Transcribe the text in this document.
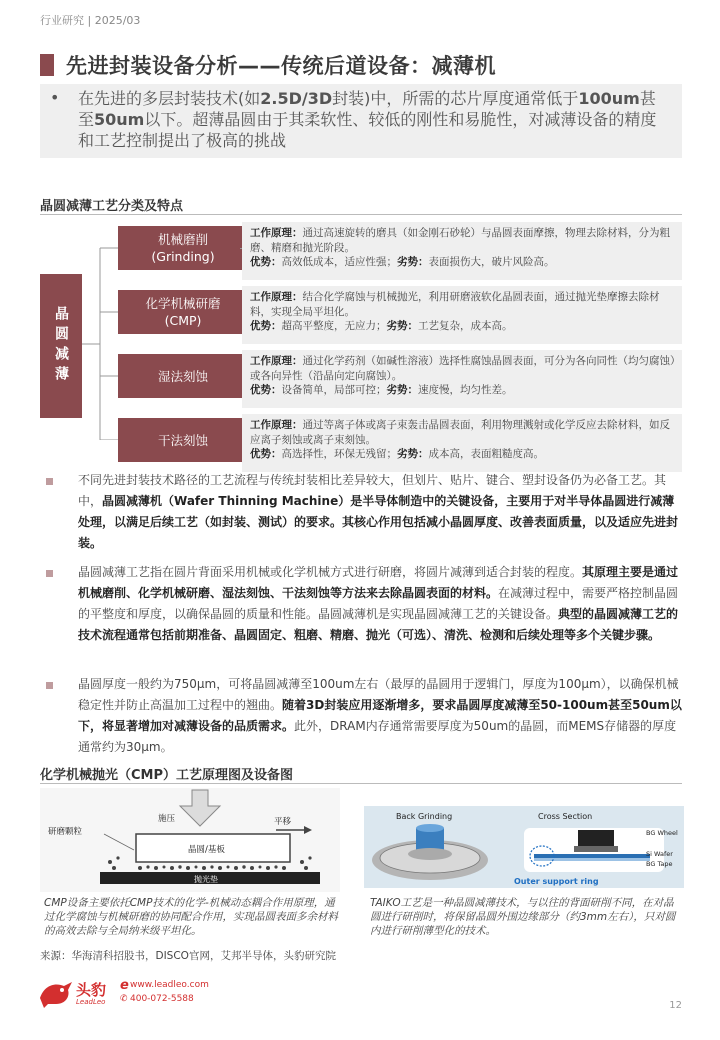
行业研究 | 2025/03
先进封装设备分析——传统后道设备：减薄机
• 在先进的多层封装技术(如2.5D/3D封装)中，所需的芯片厚度通常低于100um甚至50um以下。超薄晶圆由于其柔软性、较低的刚性和易脆性，对减薄设备的精度和工艺控制提出了极高的挑战
晶圆减薄工艺分类及特点
晶圆减薄
机械磨削
(Grinding)
工作原理：通过高速旋转的磨具（如金刚石砂轮）与晶圆表面摩擦，物理去除材料，分为粗磨、精磨和抛光阶段。
优势：高效低成本，适应性强；劣势：表面损伤大，破片风险高。
化学机械研磨
(CMP)
工作原理：结合化学腐蚀与机械抛光，利用研磨液软化晶圆表面，通过抛光垫摩擦去除材料，实现全局平坦化。
优势：超高平整度，无应力；劣势：工艺复杂，成本高。
湿法刻蚀
工作原理：通过化学药剂（如碱性溶液）选择性腐蚀晶圆表面，可分为各向同性（均匀腐蚀）或各向异性（沿晶向定向腐蚀）。
优势：设备简单，局部可控；劣势：速度慢，均匀性差。
干法刻蚀
工作原理：通过等离子体或离子束轰击晶圆表面，利用物理溅射或化学反应去除材料，如反应离子刻蚀或离子束刻蚀。
优势：高选择性，环保无残留；劣势：成本高，表面粗糙度高。
不同先进封装技术路径的工艺流程与传统封装相比差异较大，但划片、贴片、键合、塑封设备仍为必备工艺。其中，晶圆减薄机（Wafer Thinning Machine）是半导体制造中的关键设备，主要用于对半导体晶圆进行减薄处理，以满足后续工艺（如封装、测试）的要求。其核心作用包括减小晶圆厚度、改善表面质量，以及适应先进封装。
晶圆减薄工艺指在圆片背面采用机械或化学机械方式进行研磨，将圆片减薄到适合封装的程度。其原理主要是通过机械磨削、化学机械研磨、湿法刻蚀、干法刻蚀等方法来去除晶圆表面的材料。在减薄过程中，需要严格控制晶圆的平整度和厚度，以确保晶圆的质量和性能。晶圆减薄机是实现晶圆减薄工艺的关键设备。典型的晶圆减薄工艺的技术流程通常包括前期准备、晶圆固定、粗磨、精磨、抛光（可选）、清洗、检测和后续处理等多个关键步骤。
晶圆厚度一般约为750μm，可将晶圆减薄至100um左右（最厚的晶圆用于逻辑门，厚度为100μm），以确保机械稳定性并防止高温加工过程中的翘曲。随着3D封装应用逐渐增多，要求晶圆厚度减薄至50-100um甚至50um以下，将显著增加对减薄设备的品质需求。此外，DRAM内存通常需要厚度为50um的晶圆，而MEMS存储器的厚度通常约为30μm。
化学机械抛光（CMP）工艺原理图及设备图
施压
研磨颗粒
平移
晶圆/基板
抛光垫
CMP设备主要依托CMP技术的化学-机械动态耦合作用原理，通过化学腐蚀与机械研磨的协同配合作用，实现晶圆表面多余材料的高效去除与全局纳米级平坦化。
Back Grinding	Cross Section
BG Wheel
Si Wafer
BG Tape
Outer support ring
TAIKO工艺是一种晶圆减薄技术，与以往的背面研削不同，在对晶圆进行研削时，将保留晶圆外围边缘部分（约3mm左右），只对圆内进行研削薄型化的技术。
来源：华海清科招股书，DISCO官网，艾邦半导体，头豹研究院
头豹
LeadLeo
e www.leadleo.com
✆ 400-072-5588
12
